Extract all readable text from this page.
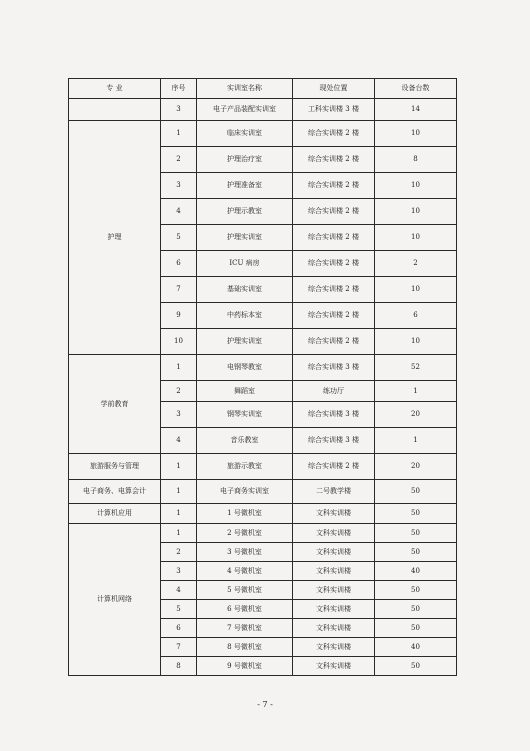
专 业	序号	实训室名称	现处位置	设备台数
	3	电子产品装配实训室	工科实训楼 3 楼	14
护理	1	临床实训室	综合实训楼 2 楼	10
	2	护理治疗室	综合实训楼 2 楼	8
	3	护理准备室	综合实训楼 2 楼	10
	4	护理示教室	综合实训楼 2 楼	10
	5	护理实训室	综合实训楼 2 楼	10
	6	ICU 病房	综合实训楼 2 楼	2
	7	基础实训室	综合实训楼 2 楼	10
	9	中药标本室	综合实训楼 2 楼	6
	10	护理实训室	综合实训楼 2 楼	10
学前教育	1	电钢琴教室	综合实训楼 3 楼	52
	2	舞蹈室	练功厅	1
	3	钢琴实训室	综合实训楼 3 楼	20
	4	音乐教室	综合实训楼 3 楼	1
旅游服务与管理	1	旅游示教室	综合实训楼 2 楼	20
电子商务、电算会计	1	电子商务实训室	二号教学楼	50
计算机应用	1	1 号微机室	文科实训楼	50
计算机网络	1	2 号微机室	文科实训楼	50
	2	3 号微机室	文科实训楼	50
	3	4 号微机室	文科实训楼	40
	4	5 号微机室	文科实训楼	50
	5	6 号微机室	文科实训楼	50
	6	7 号微机室	文科实训楼	50
	7	8 号微机室	文科实训楼	40
	8	9 号微机室	文科实训楼	50
- 7 -
